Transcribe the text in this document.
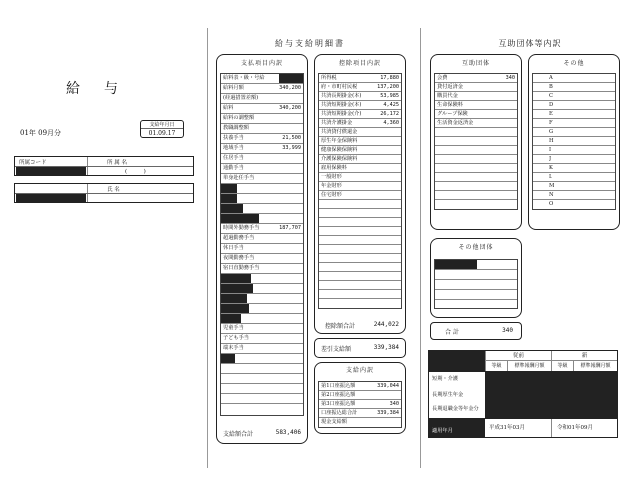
給与
01年 09月分
支給年月日
01.09.17
所属コード	所 属 名
(　　　)
氏 名
給与支給明細書
支払項目内訳
給料表・級・号給
給料月額	340,200
(経過措置差額)
給料	340,200
給料の調整額
教職調整額
扶養手当	21,500
地域手当	33,999
住居手当
通勤手当
単身赴任手当
時間外勤務手当	187,707
超過勤務手当
休日手当
夜間勤務手当
宿日直勤務手当
児童手当
子ども手当
端末手当
支給額合計	583,406
控除項目内訳
所得税	17,880
府・市町村民税	137,200
共済長期掛金(本)	53,985
共済短期掛金(本)	4,425
共済短期掛金(介)	26,172
共済介護掛金	4,360
共済貸付償還金
厚生年金保険料
健康保険保険料
介護保険保険料
雇用保険料
一般財形
年金財形
住宅財形
控除額合計	244,022
差引支給額	339,384
支給内訳
第1口座振込額	339,044
第2口座振込額
第3口座振込額	340
口座振込総合計	339,384
現金支給額
互助団体等内訳
互助団体
会費	340
貸付返済金
購買代金
生命保険料
グループ保険
生活資金返済金
その他
A
B
C
D
E
F
G
H
I
J
K
L
M
N
O
その他団体
合 計	340
従前	新
等級	標準報酬月額	等級	標準報酬月額
短期・介護
長期厚生年金
長期退職金等年金分
適用年月	平成31年03月	令和01年09月
